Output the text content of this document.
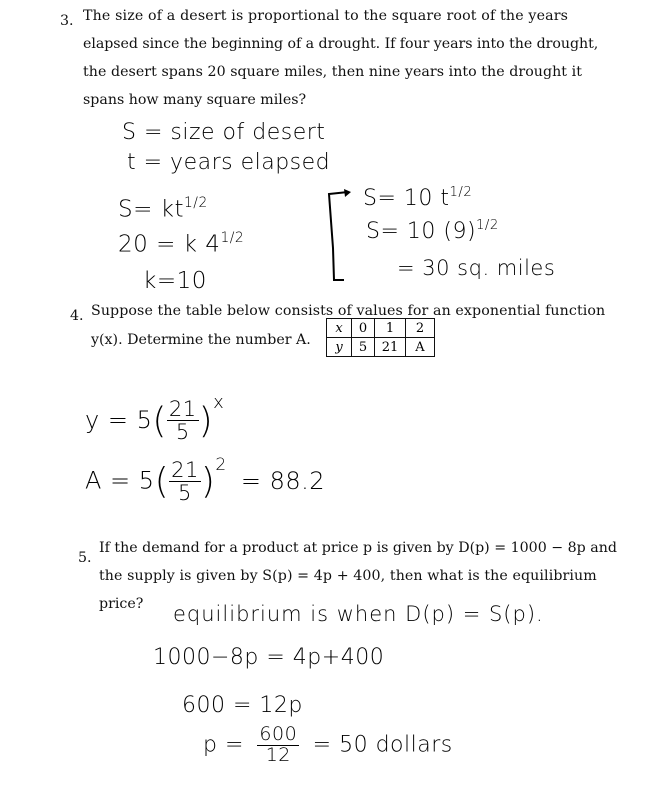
3. The size of a desert is proportional to the square root of the years
elapsed since the beginning of a drought. If four years into the drought,
the desert spans 20 square miles, then nine years into the drought it
spans how many square miles?
S = size of desert
t = years elapsed
$S= kt^{1/2}$
20 = k $4^{1/2}$
k=10
S= 10 $t^{1/2}$
S= 10 $(9)^{1/2}$
= 30 sq. miles
4. Suppose the table below consists of values for an exponential function
y(x). Determine the number A.
x	0	1	2
y	5	21	A
$y = 5( \frac{21}{5} )^x$
$A = 5( \frac{21}{5} )^2 = 88.2$
5.
If the demand for a product at price p is given by D(p) = 1000 − 8p and
the supply is given by S(p) = 4p + 400, then what is the equilibrium
price? equilibrium is when D(p) = S(p).
1000−8p = 4p+400
600 = 12p
$p = \frac{600}{12} = 50$ dollars
